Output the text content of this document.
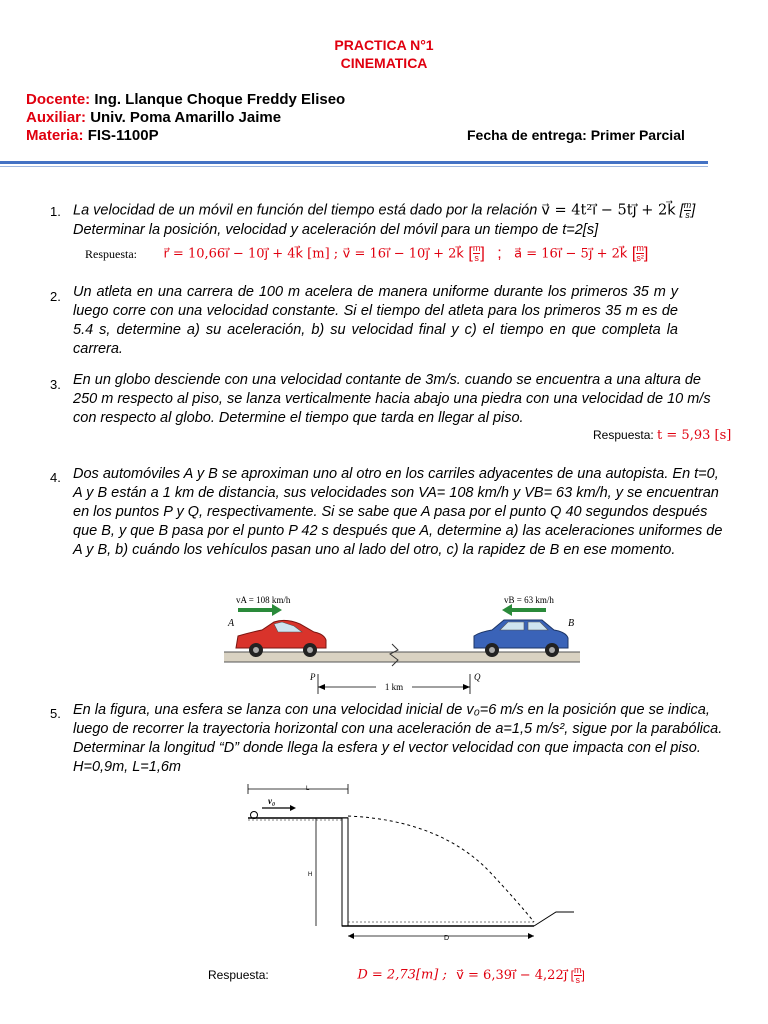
PRACTICA N°1
CINEMATICA
Docente: Ing. Llanque Choque Freddy Eliseo
Auxiliar: Univ. Poma Amarillo Jaime
Materia: FIS-1100P	Fecha de entrega: Primer Parcial
1. La velocidad de un móvil en función del tiempo está dado por la relación v⃗ = 4t²i⃗ − 5tj⃗ + 2k⃗ [ $\frac{m}{s}$ ]
Determinar la posición, velocidad y aceleración del móvil para un tiempo de t=2[s]
Respuesta: r⃗ = 10,66i⃗ − 10j⃗ + 4k⃗ [m] ; v⃗ = 16i⃗ − 10j⃗ + 2k⃗ [ $\frac{m}{s}$ ] ; a⃗ = 16i⃗ − 5j⃗ + 2k⃗ [ $\frac{m}{\text{s²}}$ ]
2. Un atleta en una carrera de 100 m acelera de manera uniforme durante los primeros 35 m y luego corre con una velocidad constante. Si el tiempo del atleta para los primeros 35 m es de 5.4 s, determine a) su aceleración, b) su velocidad final y c) el tiempo en que completa la carrera.
3. En un globo desciende con una velocidad contante de 3m/s. cuando se encuentra a una altura de 250 m respecto al piso, se lanza verticalmente hacia abajo una piedra con una velocidad de 10 m/s con respecto al globo. Determine el tiempo que tarda en llegar al piso.
Respuesta: t = 5,93 [s]
4. Dos automóviles A y B se aproximan uno al otro en los carriles adyacentes de una autopista. En t=0, A y B están a 1 km de distancia, sus velocidades son VA= 108 km/h y VB= 63 km/h, y se encuentran en los puntos P y Q, respectivamente. Si se sabe que A pasa por el punto Q 40 segundos después que B, y que B pasa por el punto P 42 s después que A, determine a) las aceleraciones uniformes de A y B, b) cuándo los vehículos pasan uno al lado del otro, c) la rapidez de B en ese momento.
vA = 108 km/h	vB = 63 km/h
A	B
P	Q
1 km
5. En la figura, una esfera se lanza con una velocidad inicial de v₀=6 m/s en la posición que se indica, luego de recorrer la trayectoria horizontal con una aceleración de a=1,5 m/s², sigue por la parabólica. Determinar la longitud “D” donde llega la esfera y el vector velocidad con que impacta con el piso. H=0,9m, L=1,6m
L
v₀
H
D
Respuesta:	D = 2,73[m] ; v⃗ = 6,39i⃗ − 4,22j⃗ [ $\frac{m}{s}$ ]
